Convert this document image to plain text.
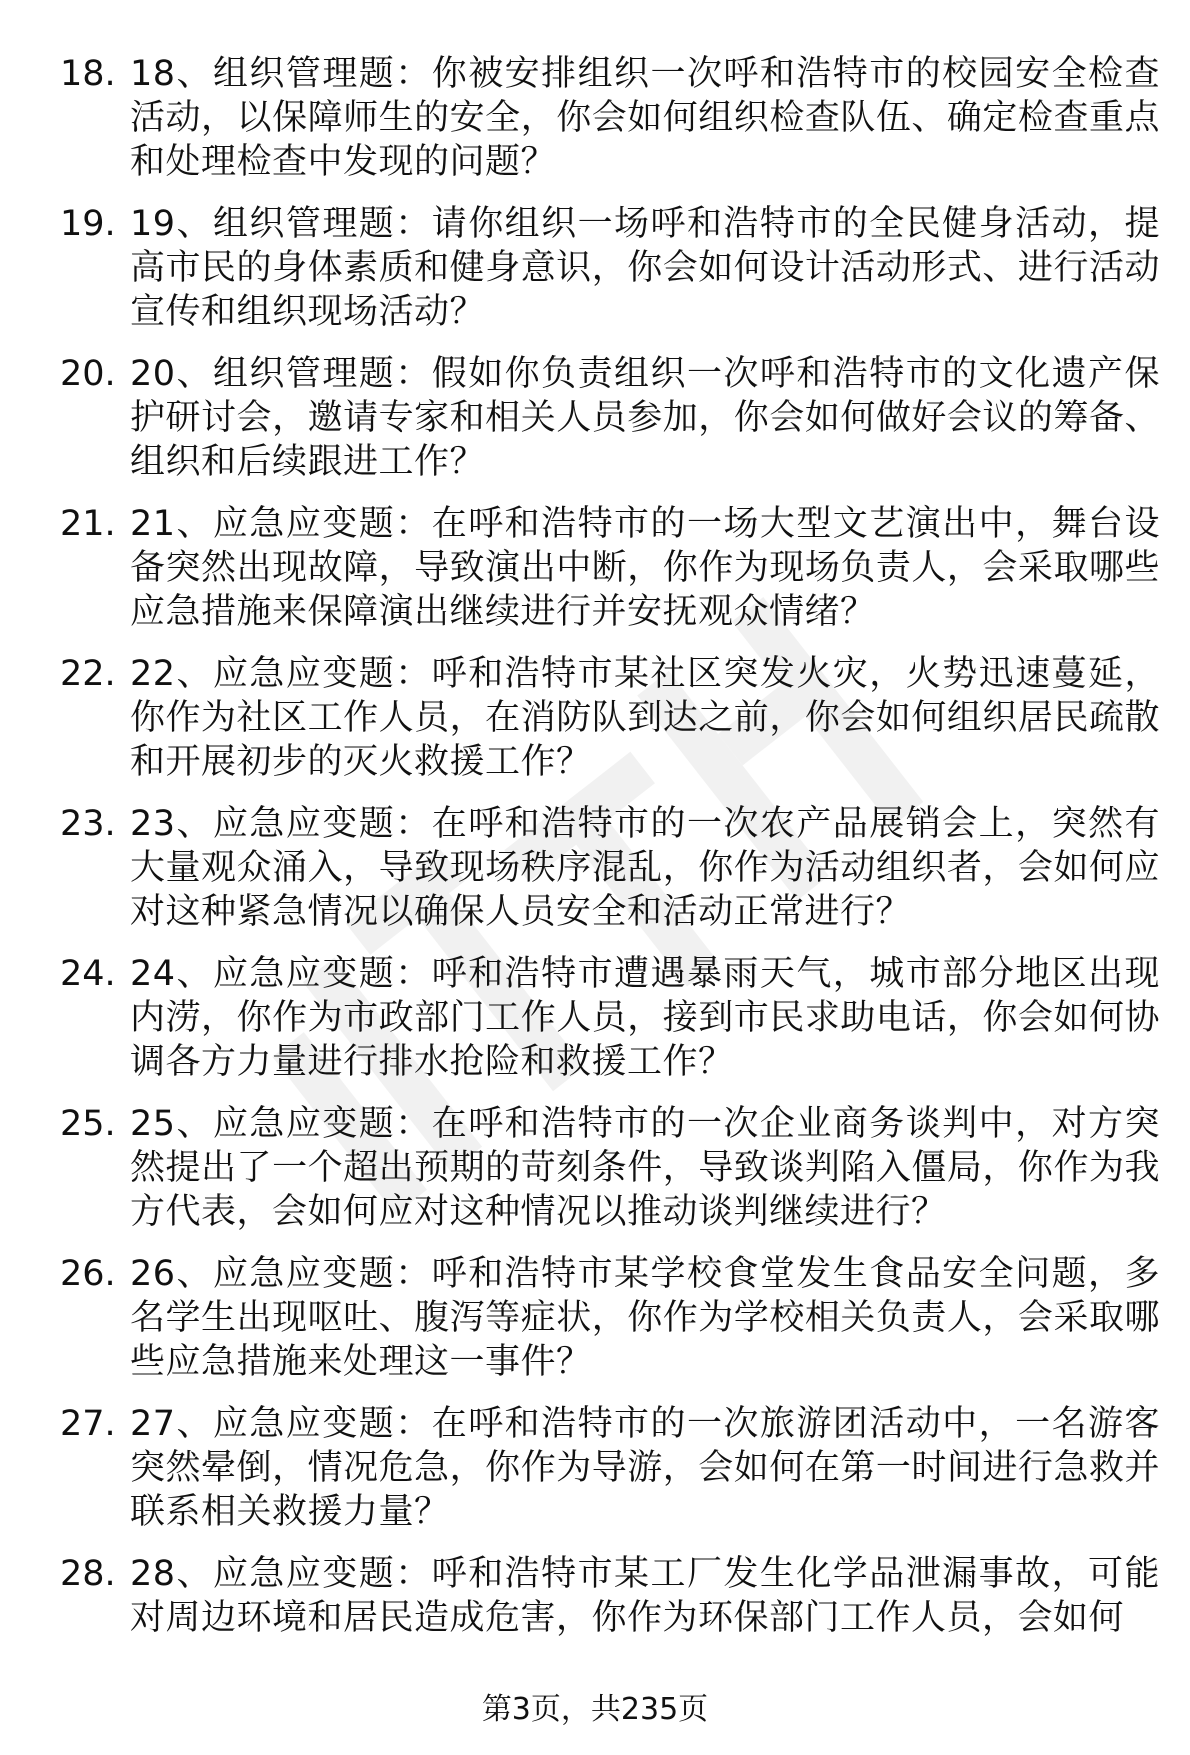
18. 18、组织管理题：你被安排组织一次呼和浩特市的校园安全检查活动，以保障师生的安全，你会如何组织检查队伍、确定检查重点和处理检查中发现的问题？
19. 19、组织管理题：请你组织一场呼和浩特市的全民健身活动，提高市民的身体素质和健身意识，你会如何设计活动形式、进行活动宣传和组织现场活动？
20. 20、组织管理题：假如你负责组织一次呼和浩特市的文化遗产保护研讨会，邀请专家和相关人员参加，你会如何做好会议的筹备、组织和后续跟进工作？
21. 21、应急应变题：在呼和浩特市的一场大型文艺演出中，舞台设备突然出现故障，导致演出中断，你作为现场负责人，会采取哪些应急措施来保障演出继续进行并安抚观众情绪？
22. 22、应急应变题：呼和浩特市某社区突发火灾，火势迅速蔓延，你作为社区工作人员，在消防队到达之前，你会如何组织居民疏散和开展初步的灭火救援工作？
23. 23、应急应变题：在呼和浩特市的一次农产品展销会上，突然有大量观众涌入，导致现场秩序混乱，你作为活动组织者，会如何应对这种紧急情况以确保人员安全和活动正常进行？
24. 24、应急应变题：呼和浩特市遭遇暴雨天气，城市部分地区出现内涝，你作为市政部门工作人员，接到市民求助电话，你会如何协调各方力量进行排水抢险和救援工作？
25. 25、应急应变题：在呼和浩特市的一次企业商务谈判中，对方突然提出了一个超出预期的苛刻条件，导致谈判陷入僵局，你作为我方代表，会如何应对这种情况以推动谈判继续进行？
26. 26、应急应变题：呼和浩特市某学校食堂发生食品安全问题，多名学生出现呕吐、腹泻等症状，你作为学校相关负责人，会采取哪些应急措施来处理这一事件？
27. 27、应急应变题：在呼和浩特市的一次旅游团活动中，一名游客突然晕倒，情况危急，你作为导游，会如何在第一时间进行急救并联系相关救援力量？
28. 28、应急应变题：呼和浩特市某工厂发生化学品泄漏事故，可能对周边环境和居民造成危害，你作为环保部门工作人员，会如何
第3页，共235页
